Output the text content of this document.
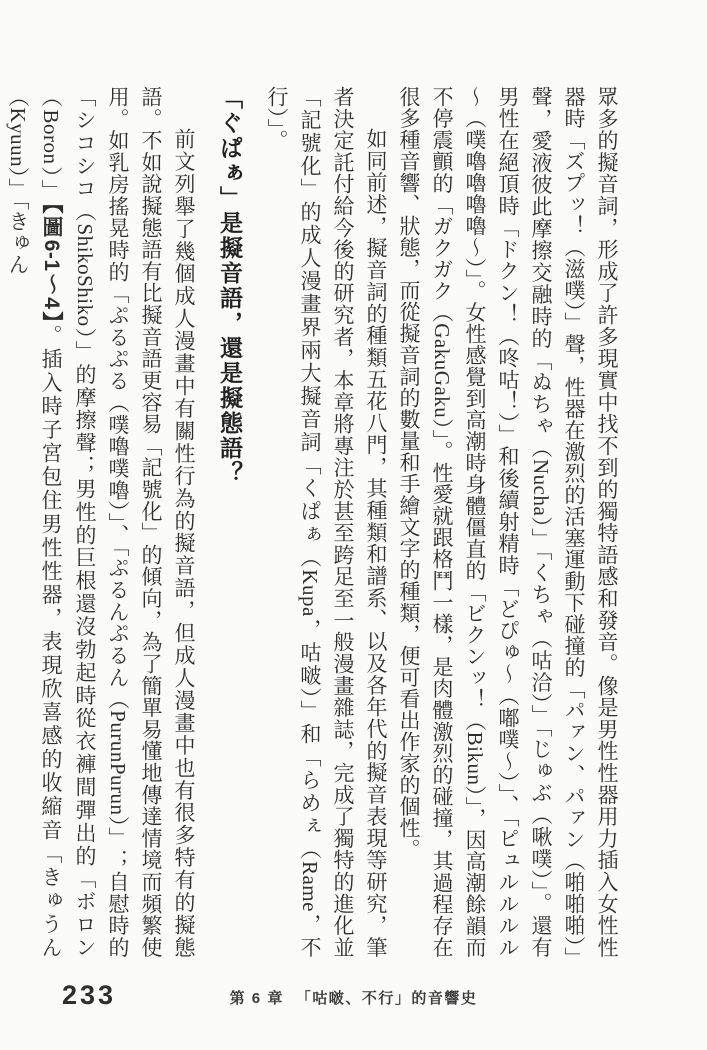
眾多的擬音詞，形成了許多現實中找不到的獨特語感和發音。像是男性性器用力插入女性性器時「ズプッ！（滋噗）」聲，性器在激烈的活塞運動下碰撞的「パァン、パァン（啪啪啪）」聲，愛液彼此摩擦交融時的「ぬちゃ（Nucha）」「くちゃ（咕洽）」「じゅぶ（啾噗）」。還有男性在絕頂時「ドクン！（咚咕！）」和後續射精時「どぴゅ～（嘟噗～）」、「ピュルルルル～（噗嚕嚕嚕嚕～）」。女性感覺到高潮時身體僵直的「ビクンッ！（Bikun）」，因高潮餘韻而不停震顫的「ガクガク（GakuGaku）」。性愛就跟格鬥一樣，是肉體激烈的碰撞，其過程存在很多種音響、狀態，而從擬音詞的數量和手繪文字的種類，便可看出作家的個性。

如同前述，擬音詞的種類五花八門，其種類和譜系、以及各年代的擬音表現等研究，筆者決定託付給今後的研究者，本章將專注於甚至跨足至一般漫畫雜誌，完成了獨特的進化並「記號化」的成人漫畫界兩大擬音詞「くぱぁ（Kupa，咕啵）」和「らめぇ（Rame，不行）」。

「ぐぱぁ」是擬音語，還是擬態語？

前文列舉了幾個成人漫畫中有關性行為的擬音語，但成人漫畫中也有很多特有的擬態語。不如說擬態語有比擬音語更容易「記號化」的傾向，為了簡單易懂地傳達情境而頻繁使用。如乳房搖晃時的「ぷるぷる（噗嚕噗嚕）」、「ぷるんぷるん（PurunPurun）」；自慰時的「シコシコ（ShikoShiko）」的摩擦聲；男性的巨根還沒勃起時從衣褲間彈出的「ボロン（Boron）」【圖6-1～4】。插入時子宮包住男性性器，表現欣喜感的收縮音「きゅうん（Kyuun）」「きゅん

233	第 6 章 「咕啵、不行」的音響史
